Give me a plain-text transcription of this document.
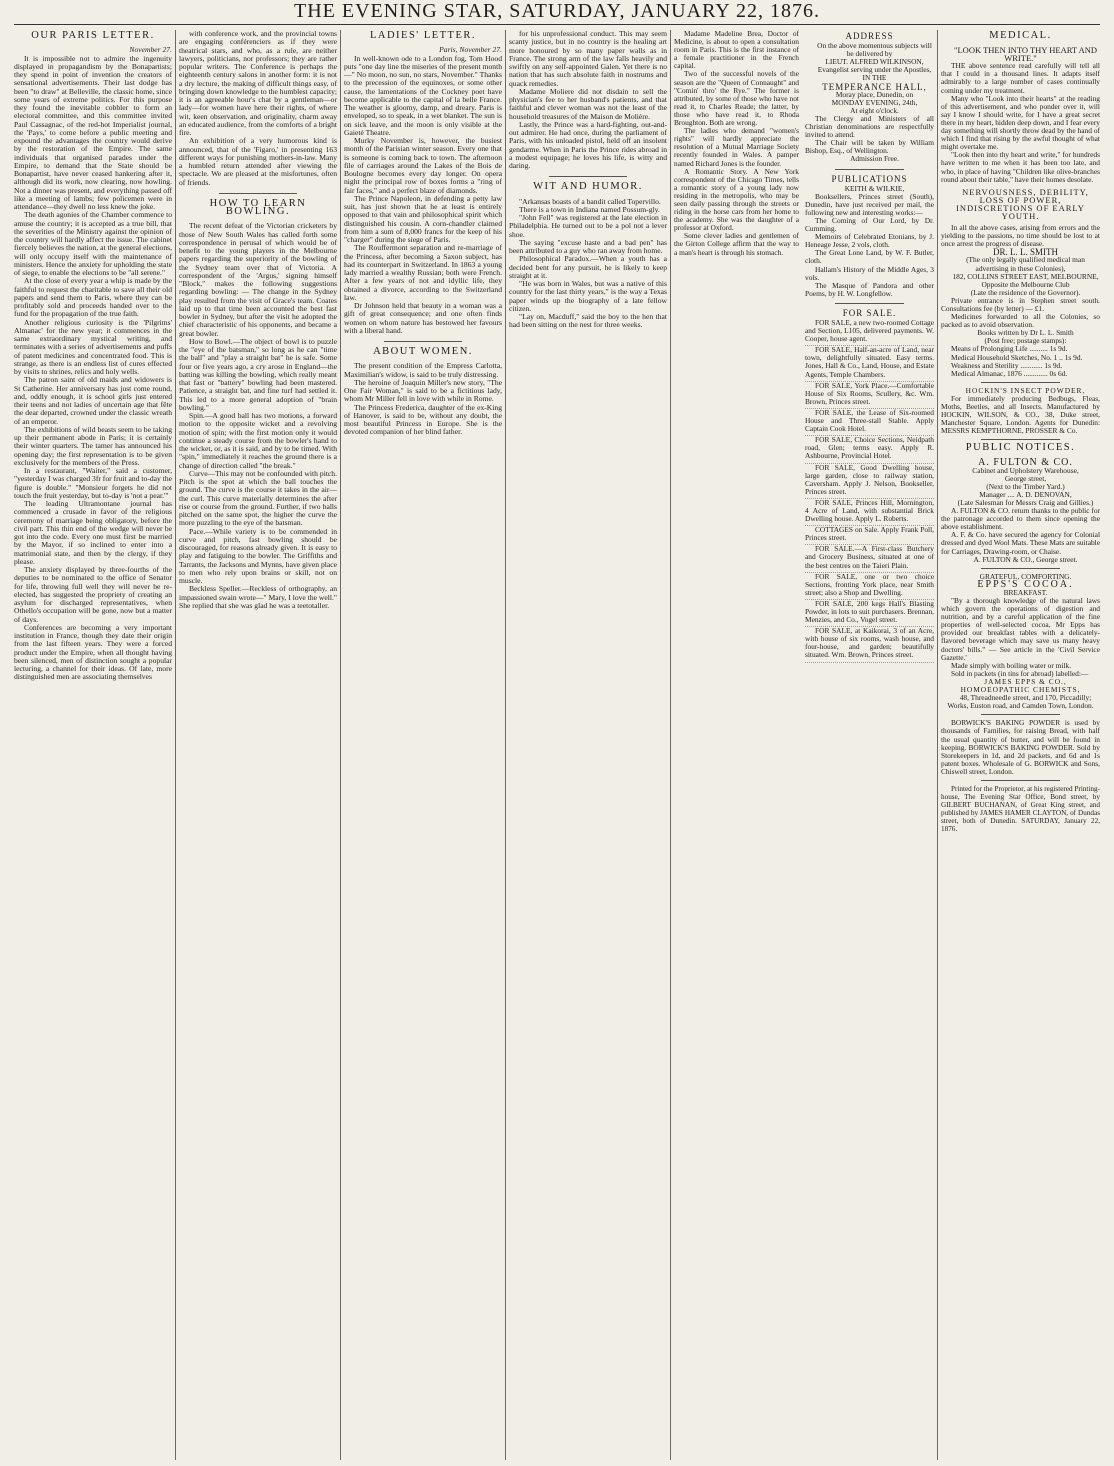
THE EVENING STAR, SATURDAY, JANUARY 22, 1876.
OUR PARIS LETTER.

November 27.

It is impossible not to admire the ingenuity displayed in propagandism by the Bonapartists; they spend in point of invention the creators of sensational advertisements. Their last dodge has been "to draw" at Belleville, the classic home, since some years of extreme politics. For this purpose they found the inevitable cobbler to form an electoral committee, and this committee invited Paul Cassagnac, of the red-hot Imperialist journal, the 'Pays,' to come before a public meeting and expound the advantages the country would derive by the restoration of the Empire. The same individuals that organised parades under the Empire, to demand that the State should be Bonapartist, have never ceased hankering after it, although did its work, now clearing, now howling. Not a dinner was present, and everything passed off like a meeting of lambs; few policemen were in attendance—they dwell no less knew the joke.

The death agonies of the Chamber commence to amuse the country; it is accepted as a true bill, that the severities of the Ministry against the opinion of the country will hardly affect the issue. The cabinet fiercely believes the nation, at the general elections, will only occupy itself with the maintenance of ministers. Hence the anxiety for upholding the state of siege, to enable the elections to be "all serene."

At the close of every year a whip is made by the faithful to request the charitable to save all their old papers and send them to Paris, where they can be profitably sold and proceeds handed over to the fund for the propagation of the true faith.

Another religious curiosity is the 'Pilgrims' Almanac' for the new year; it commences in the same extraordinary mystical writing, and terminates with a series of advertisements and puffs of patent medicines and concentrated food. This is strange, as there is an endless list of cures effected by visits to shrines, relics and holy wells.

The patron saint of old maids and widowers is St Catherine. Her anniversary has just come round, and, oddly enough, it is school girls just entered their teens and not ladies of uncertain age that fête the dear departed, crowned under the classic wreath of an emperor.

The exhibitions of wild beasts seem to be taking up their permanent abode in Paris; it is certainly their winter quarters. The tamer has announced his opening day; the first representation is to be given exclusively for the members of the Press.

In a restaurant, "Waiter," said a customer, "yesterday I was charged 3fr for fruit and to-day the figure is double." "Monsieur forgets he did not touch the fruit yesterday, but to-day is 'not a pear.'"

The leading Ultramontane journal has commenced a crusade in favor of the religious ceremony of marriage being obligatory, before the civil part. This thin end of the wedge will never be got into the code. Every one must first be married by the Mayor, if so inclined to enter into a matrimonial state, and then by the clergy, if they please.

The anxiety displayed by three-fourths of the deputies to be nominated to the office of Senator for life, throwing full well they will never be re-elected, has suggested the propriety of creating an asylum for discharged representatives, when Othello's occupation will be gone, now but a matter of days.

Conferences are becoming a very important institution in France, though they date their origin from the last fifteen years. They were a forced product under the Empire, when all thought having been silenced, men of distinction sought a popular lecturing, a channel for their ideas. Of late, more distinguished men are associating themselves

with conference work, and the provincial towns are engaging conférenciers as if they were theatrical stars, and who, as a rule, are neither lawyers, politicians, nor professors; they are rather popular writers. The Conference is perhaps the eighteenth century salons in another form: it is not a dry lecture, the making of difficult things easy, of bringing down knowledge to the humblest capacity; it is an agreeable hour's chat by a gentleman—or lady—for women have here their rights, of where wit, keen observation, and originality, charm away an educated audience, from the comforts of a bright fire.

An exhibition of a very humorous kind is announced, that of the 'Figaro,' in presenting 163 different ways for punishing mothers-in-law. Many a humbled return attended after viewing the spectacle. We are pleased at the misfortunes, often of friends.

HOW TO LEARN BOWLING.

The recent defeat of the Victorian cricketers by those of New South Wales has called forth some correspondence in perusal of which would be of benefit to the young players in the Melbourne papers regarding the superiority of the bowling of the Sydney team over that of Victoria. A correspondent of the 'Argus,' signing himself "Block," makes the following suggestions regarding bowling: — The change in the Sydney play resulted from the visit of Grace's team. Coates laid up to that time been accounted the best fast bowler in Sydney, but after the visit he adopted the chief characteristic of his opponents, and became a great bowler.

How to Bowl.—The object of bowl is to puzzle the "eye of the batsman," so long as he can "time the ball" and "play a straight bat" he is safe. Some four or five years ago, a cry arose in England—the batting was killing the bowling, which really meant that fast or "battery" bowling had been mastered. Patience, a straight bat, and fine turf had settled it. This led to a more general adoption of "brain bowling."

Spin.—A good ball has two motions, a forward motion to the opposite wicket and a revolving motion of spin; with the first motion only it would continue a steady course from the bowler's hand to the wicket, or, as it is said, and by to be timed. With "spin," immediately it reaches the ground there is a change of direction called "the break."

Curve—This may not be confounded with pitch. Pitch is the spot at which the ball touches the ground. The curve is the course it takes in the air—the curl. This curve materially determines the after rise or course from the ground. Further, if two balls pitched on the same spot, the higher the curve the more puzzling to the eye of the batsman.

Pace.—While variety is to be commended in curve and pitch, fast bowling should be discouraged, for reasons already given. It is easy to play and fatiguing to the bowler. The Griffiths and Tarrants, the Jacksons and Mynns, have given place to men who rely upon brains or skill, not on muscle.

Beckless Speller.—Reckless of orthography, an impassioned swain wrote—" Mary, I love the well." She replied that she was glad he was a teetotaller.

LADIES' LETTER.

Paris, November 27.

In well-known ode to a London fog, Tom Hood puts "one day line the miseries of the present month—" No moon, no sun, no stars, November." Thanks to the precession of the equinoxes, or some other cause, the lamentations of the Cockney poet have become applicable to the capital of la belle France. The weather is gloomy, damp, and dreary. Paris is enveloped, so to speak, in a wet blanket. The sun is on sick leave, and the moon is only visible at the Gaieté Theatre.

Murky November is, however, the busiest month of the Parisian winter season. Every one that is someone is coming back to town. The afternoon file of carriages around the Lakes of the Bois de Boulogne becomes every day longer. On opera night the principal row of boxes forms a "ring of fair faces," and a perfect blaze of diamonds.

The Prince Napoleon, in defending a petty law suit, has just shown that he at least is entirely opposed to that vain and philosophical spirit which distinguished his cousin. A corn-chandler claimed from him a sum of 8,000 francs for the keep of his "charger" during the siege of Paris.

The Rouffermont separation and re-marriage of the Princess, after becoming a Saxon subject, has had its counterpart in Switzerland. In 1863 a young lady married a wealthy Russian; both were French. After a few years of not and idyllic life, they obtained a divorce, according to the Switzerland law.

Dr Johnson held that beauty in a woman was a gift of great consequence; and one often finds women on whom nature has bestowed her favours with a liberal hand.

ABOUT WOMEN.

The present condition of the Empress Carlotta, Maximilian's widow, is said to be truly distressing.

The heroine of Joaquin Miller's new story, "The One Fair Woman," is said to be a fictitious lady, whom Mr Miller fell in love with while in Rome.

The Princess Frederica, daughter of the ex-King of Hanover, is said to be, without any doubt, the most beautiful Princess in Europe. She is the devoted companion of her blind father.

for his unprofessional conduct. This may seem scanty justice, but in no country is the healing art more honoured by so many paper walls as in France. The strong arm of the law falls heavily and swiftly on any self-appointed Galen. Yet there is no nation that has such absolute faith in nostrums and quack remedies.

Madame Moliere did not disdain to sell the physician's fee to her husband's patients, and that faithful and clever woman was not the least of the household treasures of the Maison de Molière.

Lastly, the Prince was a hard-fighting, out-and-out admirer. He had once, during the parliament of Paris, with his unloaded pistol, held off an insolent gendarme. When in Paris the Prince rides abroad in a modest equipage; he loves his life, is witty and daring.

WIT AND HUMOR.

"Arkansas boasts of a bandit called Topervillo.

There is a town in Indiana named Possum-gly.

"John Fell" was registered at the late election in Philadelphia. He turned out to be a pol not a lever shoe.

The saying "excuse haste and a bad pen" has been attributed to a guy who ran away from home.

Philosophical Paradox.—When a youth has a decided bent for any pursuit, he is likely to keep straight at it.

"He was born in Wales, but was a native of this country for the last thirty years," is the way a Texas paper winds up the biography of a late fellow citizen.

"Lay on, Macduff," said the boy to the hen that had been sitting on the nest for three weeks.

Madame Madeline Brea, Doctor of Medicine, is about to open a consultation room in Paris. This is the first instance of a female practitioner in the French capital.

Two of the successful novels of the season are the "Queen of Connaught" and "Comin' thro' the Rye." The former is attributed, by some of those who have not read it, to Charles Reade; the latter, by those who have read it, to Rhoda Broughton. Both are wrong.

The ladies who demand "women's rights" will hardly appreciate the resolution of a Mutual Marriage Society recently founded in Wales. A pamper named Richard Jones is the founder.

A Romantic Story. A New York correspondent of the Chicago Times, tells a romantic story of a young lady now residing in the metropolis, who may be seen daily passing through the streets or riding in the horse cars from her home to the academy. She was the daughter of a professor at Oxford.

Some clever ladies and gentlemen of the Girton College affirm that the way to a man's heart is through his stomach.

ADDRESS

On the above momentous subjects will be delivered by

LIEUT. ALFRED WILKINSON,

Evangelist serving under the Apostles,

IN THE

TEMPERANCE HALL,

Moray place, Dunedin, on

MONDAY EVENING, 24th,

At eight o'clock.

The Clergy and Ministers of all Christian denominations are respectfully invited to attend.

The Chair will be taken by William Bishop, Esq., of Wellington.

Admission Free.

PUBLICATIONS

KEITH & WILKIE,

Booksellers, Princes street (South), Dunedin, have just received per mail, the following new and interesting works:—

The Coming of Our Lord, by Dr. Cumming.

Memoirs of Celebrated Etonians, by J. Heneage Jesse, 2 vols, cloth.

The Great Lone Land, by W. F. Butler, cloth.

Hallam's History of the Middle Ages, 3 vols.

The Masque of Pandora and other Poems, by H. W. Longfellow.

FOR SALE.

FOR SALE, a new two-roomed Cottage and Section, L105, delivered payments. W. Cooper, house agent.

FOR SALE, Half-an-acre of Land, near town, delightfully situated. Easy terms. Jones, Hall & Co., Land, House, and Estate Agents, Temple Chambers.

FOR SALE, York Place.—Comfortable House of Six Rooms, Scullery, &c. Wm. Brown, Princes street.

FOR SALE, the Lease of Six-roomed House and Three-stall Stable. Apply Captain Cook Hotel.

FOR SALE, Choice Sections, Neidpath road, Glen; terms easy. Apply R. Ashbourne, Provincial Hotel.

FOR SALE, Good Dwelling house, large garden, close to railway station, Caversham. Apply J. Nelson, Bookseller, Princes street.

FOR SALE, Princes Hill, Mornington, 4 Acre of Land, with substantial Brick Dwelling house. Apply L. Roberts.

COTTAGES on Sale. Apply Frank Poll, Princes street.

FOR SALE.—A First-class Butchery and Grocery Business, situated at one of the best centres on the Taieri Plain.

FOR SALE, one or two choice Sections, fronting York place, near Smith street; also a Shop and Dwelling.

FOR SALE, 200 kegs Hall's Blasting Powder, in lots to suit purchasers. Brennan, Menzies, and Co., Vogel street.

FOR SALE, at Kaikorai, 3 of an Acre, with house of six rooms, wash house, and four-house, and garden; beautifully situated. Wm. Brown, Princes street.

MEDICAL.

"LOOK THEN INTO THY HEART AND WRITE."

THE above sentence read carefully will tell all that I could in a thousand lines. It adapts itself admirably to a large number of cases continually coming under my treatment.

Many who "Look into their hearts" at the reading of this advertisement, and who ponder over it, will say I know I should write, for I have a great secret there in my heart, hidden deep down, and I fear every day something will shortly throw dead by the hand of which I find that rising by the awful thought of what might overtake me.

"Look then into thy heart and write," for hundreds have written to me when it has been too late, and who, in place of having "Children like olive-branches round about their table," have their homes desolate.

NERVOUSNESS, DEBILITY, LOSS OF POWER, INDISCRETIONS OF EARLY YOUTH.

In all the above cases, arising from errors and the yielding to the passions, no time should be lost to at once arrest the progress of disease.

DR. L. L. SMITH

(The only legally qualified medical man advertising in these Colonies),

182, COLLINS STREET EAST, MELBOURNE,

Opposite the Melbourne Club

(Late the residence of the Governor).

Private entrance is in Stephen street south. Consultations fee (by letter) — £1.

Medicines forwarded to all the Colonies, so packed as to avoid observation.

Books written by Dr L. L. Smith

(Post free; postage stamps):

Means of Prolonging Life .......... 1s 9d.

Medical Household Sketches, No. 1 .. 1s 9d.

Weakness and Sterility ............ 1s 9d.

Medical Almanac, 1876 ............. 0s 6d.

HOCKIN'S INSECT POWDER,

For immediately producing Bedbugs, Fleas, Moths, Beetles, and all Insects. Manufactured by HOCKIN, WILSON, & CO., 38, Duke street, Manchester Square, London. Agents for Dunedin: MESSRS KEMPTHORNE, PROSSER & Co.

PUBLIC NOTICES.

A. FULTON & CO.

Cabinet and Upholstery Warehouse,

George street,

(Next to the Timber Yard.)

Manager .... A. D. DENOVAN,

(Late Salesman for Messrs Craig and Gillies.)

A. FULTON & CO. return thanks to the public for the patronage accorded to them since opening the above establishment.

A. F. & Co. have secured the agency for Colonial dressed and dyed Wool Mats. These Mats are suitable for Carriages, Drawing-room, or Chaise.

A. FULTON & CO., George street.

GRATEFUL, COMFORTING.

EPPS'S COCOA.

BREAKFAST.

"By a thorough knowledge of the natural laws which govern the operations of digestion and nutrition, and by a careful application of the fine properties of well-selected cocoa, Mr Epps has provided our breakfast tables with a delicately-flavored beverage which may save us many heavy doctors' bills." — See article in the 'Civil Service Gazette.'

Made simply with boiling water or milk.

Sold in packets (in tins for abroad) labelled:—

JAMES EPPS & CO., HOMOEOPATHIC CHEMISTS,

48, Threadneedle street, and 170, Piccadilly; Works, Euston road, and Camden Town, London.

BORWICK'S BAKING POWDER is used by thousands of Families, for raising Bread, with half the usual quantity of butter, and will be found in keeping. BORWICK'S BAKING POWDER. Sold by Storekeepers in 1d, and 2d packets, and 6d and 1s patent boxes. Wholesale of G. BORWICK and Sons, Chiswell street, London.

Printed for the Proprietor, at his registered Printing-house, The Evening Star Office, Bond street, by GILBERT BUCHANAN, of Great King street, and published by JAMES HAMER CLAYTON, of Dundas street, both of Dunedin. SATURDAY, January 22, 1876.
